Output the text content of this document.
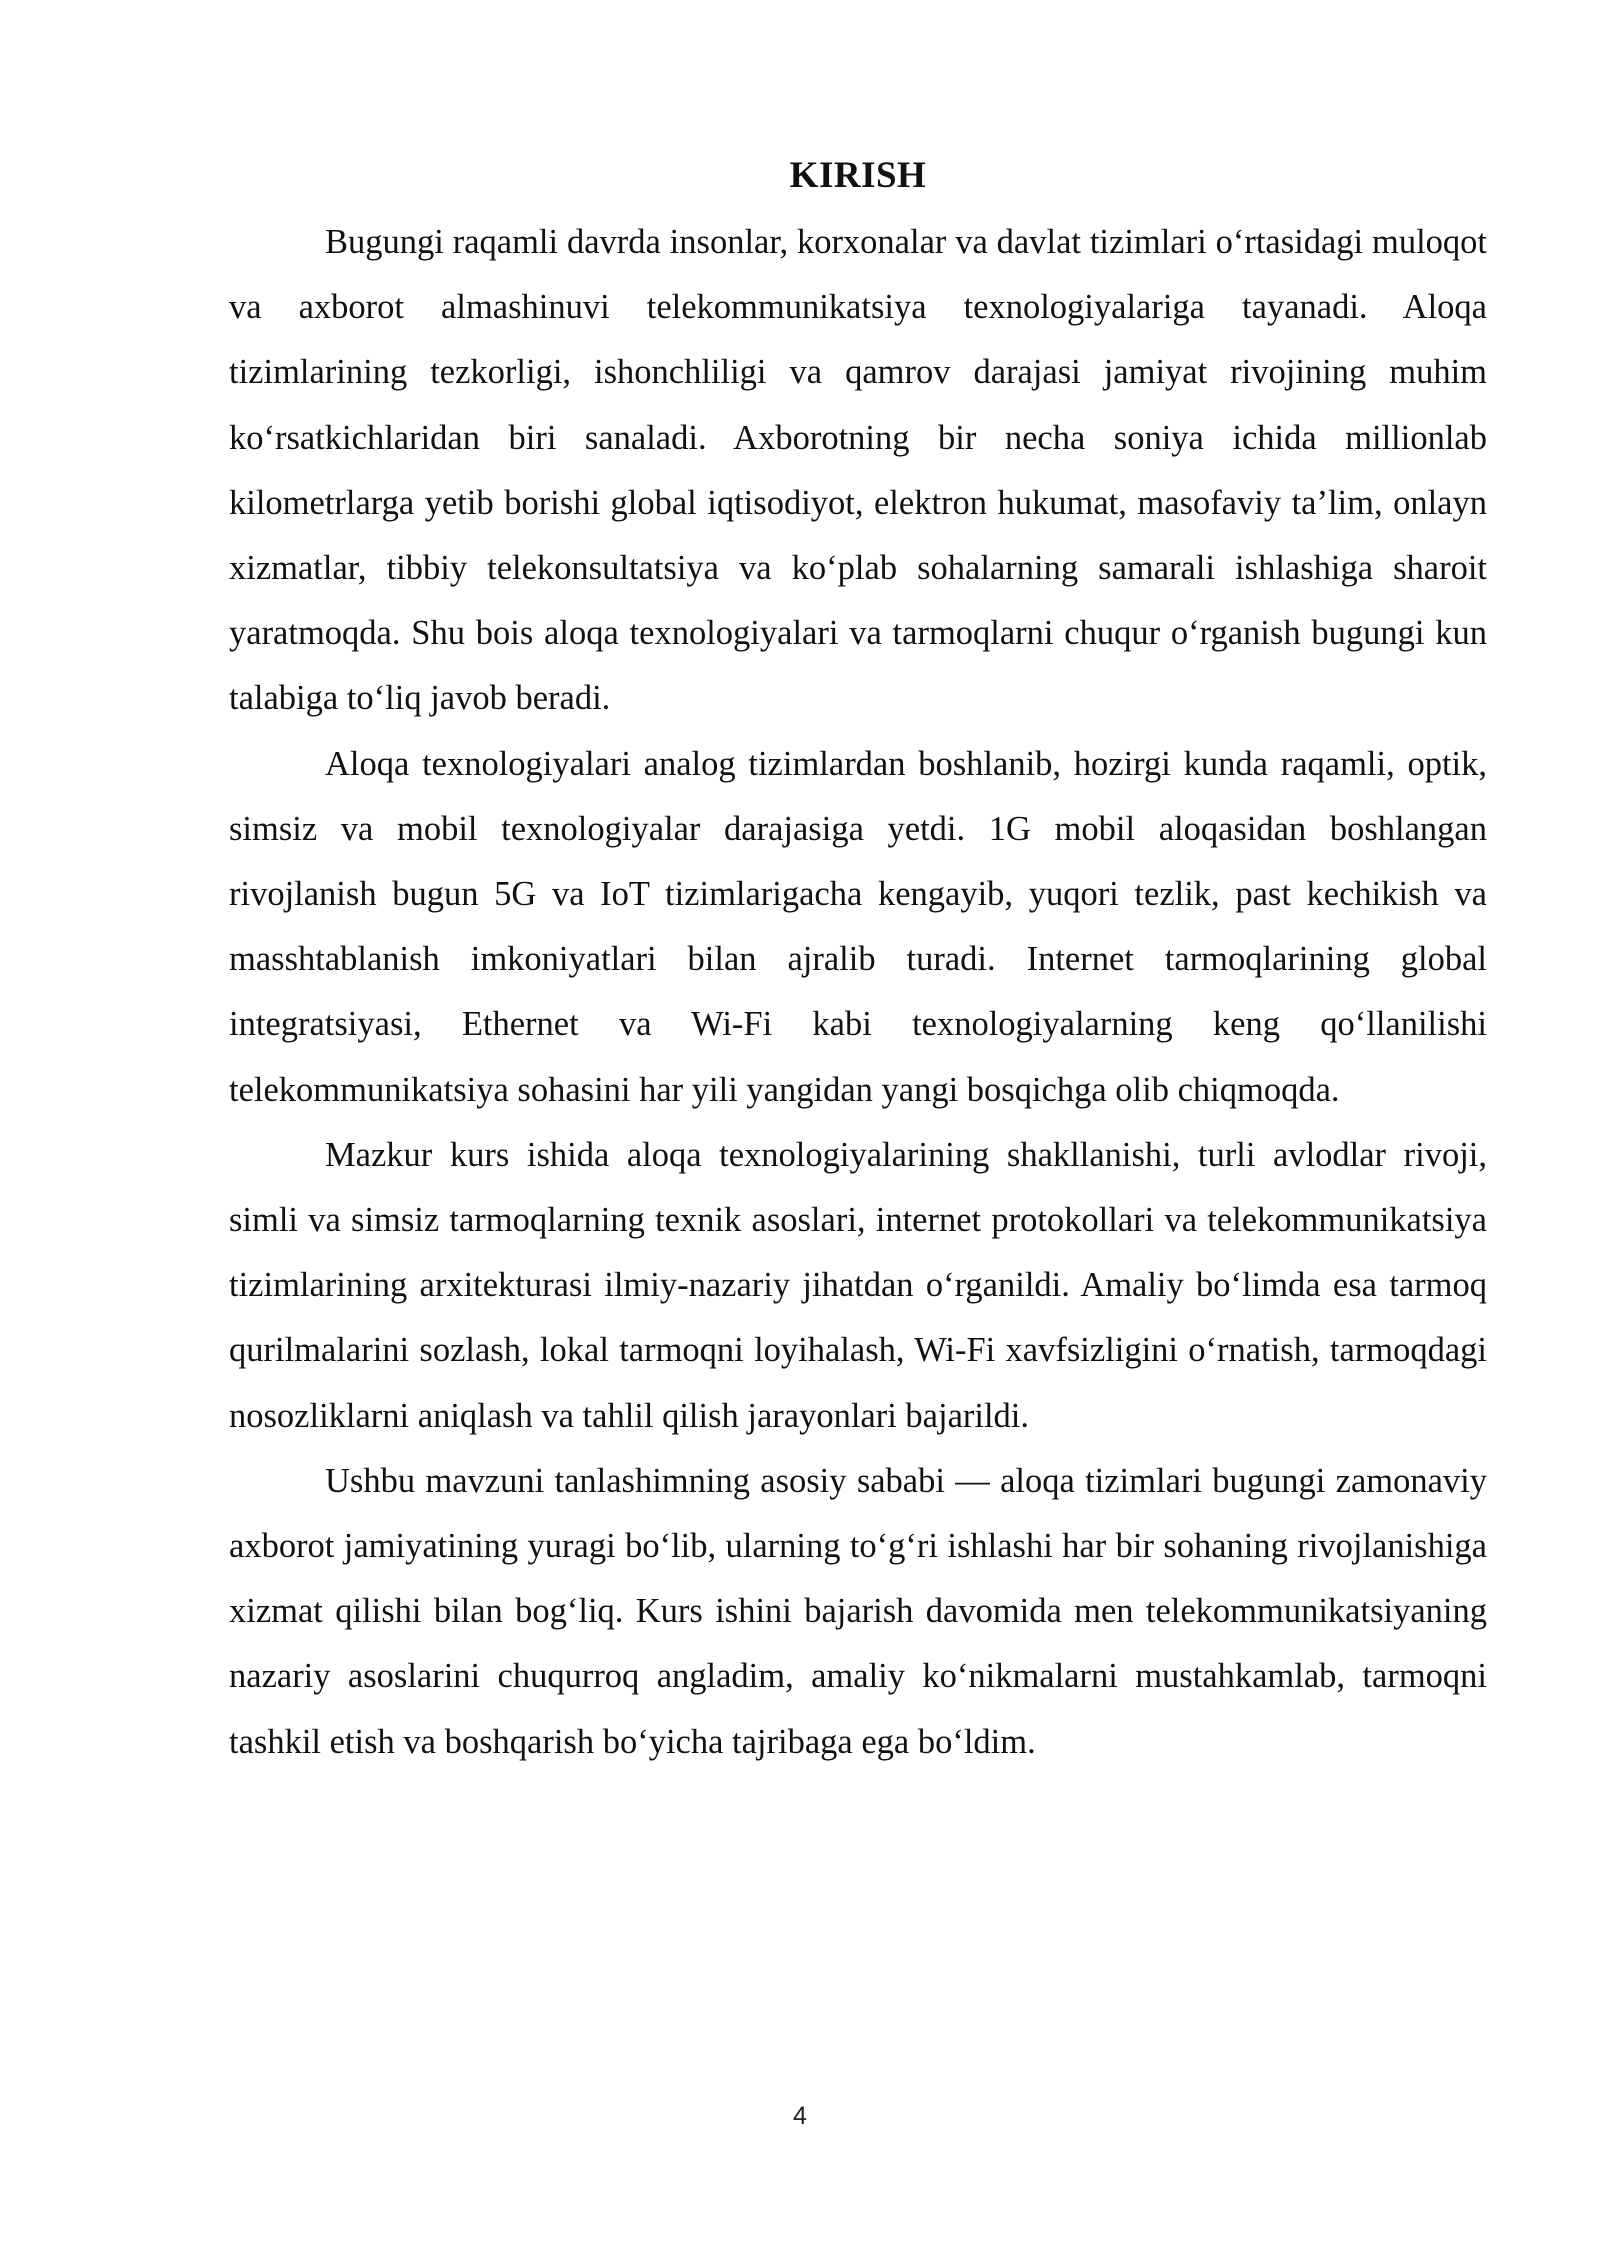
KIRISH

Bugungi raqamli davrda insonlar, korxonalar va davlat tizimlari o‘rtasidagi muloqot va axborot almashinuvi telekommunikatsiya texnologiyalariga tayanadi. Aloqa tizimlarining tezkorligi, ishonchliligi va qamrov darajasi jamiyat rivojining muhim ko‘rsatkichlaridan biri sanaladi. Axborotning bir necha soniya ichida millionlab kilometrlarga yetib borishi global iqtisodiyot, elektron hukumat, masofaviy ta’lim, onlayn xizmatlar, tibbiy telekonsultatsiya va ko‘plab sohalarning samarali ishlashiga sharoit yaratmoqda. Shu bois aloqa texnologiyalari va tarmoqlarni chuqur o‘rganish bugungi kun talabiga to‘liq javob beradi.

Aloqa texnologiyalari analog tizimlardan boshlanib, hozirgi kunda raqamli, optik, simsiz va mobil texnologiyalar darajasiga yetdi. 1G mobil aloqasidan boshlangan rivojlanish bugun 5G va IoT tizimlarigacha kengayib, yuqori tezlik, past kechikish va masshtablanish imkoniyatlari bilan ajralib turadi. Internet tarmoqlarining global integratsiyasi, Ethernet va Wi-Fi kabi texnologiyalarning keng qo‘llanilishi telekommunikatsiya sohasini har yili yangidan yangi bosqichga olib chiqmoqda.

Mazkur kurs ishida aloqa texnologiyalarining shakllanishi, turli avlodlar rivoji, simli va simsiz tarmoqlarning texnik asoslari, internet protokollari va telekommunikatsiya tizimlarining arxitekturasi ilmiy-nazariy jihatdan o‘rganildi. Amaliy bo‘limda esa tarmoq qurilmalarini sozlash, lokal tarmoqni loyihalash, Wi-Fi xavfsizligini o‘rnatish, tarmoqdagi nosozliklarni aniqlash va tahlil qilish jarayonlari bajarildi.

Ushbu mavzuni tanlashimning asosiy sababi — aloqa tizimlari bugungi zamonaviy axborot jamiyatining yuragi bo‘lib, ularning to‘g‘ri ishlashi har bir sohaning rivojlanishiga xizmat qilishi bilan bog‘liq. Kurs ishini bajarish davomida men telekommunikatsiyaning nazariy asoslarini chuqurroq angladim, amaliy ko‘nikmalarni mustahkamlab, tarmoqni tashkil etish va boshqarish bo‘yicha tajribaga ega bo‘ldim.

4
